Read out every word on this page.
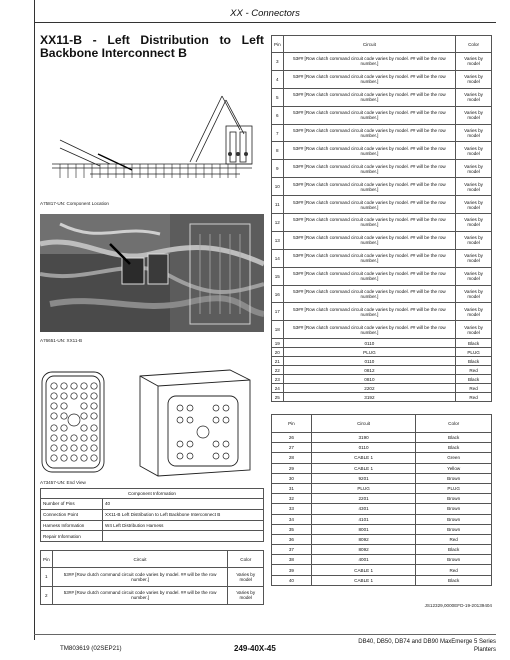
XX - Connectors
XX11-B - Left Distribution to Left
Backbone Interconnect B
A75817-UN: Component Location
A76651-UN: XX11-B
A73457-UN: End View
Component Information	
Number of Pins	40
Connection Point	XX11-B Left Distribution to Left Backbone Interconnect B
Harness Information	W4 Left Distribution Harness
Repair Information	
Pin	Circuit	Color
1	53## [Row clutch command circuit code varies by model. ## will be the row number.]	Varies by model
2	53## [Row clutch command circuit code varies by model. ## will be the row number.]	Varies by model
Pin	Circuit	Color
3	53## [Row clutch command circuit code varies by model. ## will be the row number.]	Varies by model
4	53## [Row clutch command circuit code varies by model. ## will be the row number.]	Varies by model
5	53## [Row clutch command circuit code varies by model. ## will be the row number.]	Varies by model
6	53## [Row clutch command circuit code varies by model. ## will be the row number.]	Varies by model
7	53## [Row clutch command circuit code varies by model. ## will be the row number.]	Varies by model
8	53## [Row clutch command circuit code varies by model. ## will be the row number.]	Varies by model
9	53## [Row clutch command circuit code varies by model. ## will be the row number.]	Varies by model
10	53## [Row clutch command circuit code varies by model. ## will be the row number.]	Varies by model
11	53## [Row clutch command circuit code varies by model. ## will be the row number.]	Varies by model
12	53## [Row clutch command circuit code varies by model. ## will be the row number.]	Varies by model
13	53## [Row clutch command circuit code varies by model. ## will be the row number.]	Varies by model
14	53## [Row clutch command circuit code varies by model. ## will be the row number.]	Varies by model
15	53## [Row clutch command circuit code varies by model. ## will be the row number.]	Varies by model
16	53## [Row clutch command circuit code varies by model. ## will be the row number.]	Varies by model
17	53## [Row clutch command circuit code varies by model. ## will be the row number.]	Varies by model
18	53## [Row clutch command circuit code varies by model. ## will be the row number.]	Varies by model
19	0110	Black
20	PLUG	PLUG
21	0110	Black
22	0812	Red
23	0810	Black
24	2202	Red
25	3192	Red
Pin	Circuit	Color
26	3190	Black
27	0110	Black
28	CABLE 1	Green
29	CABLE 1	Yellow
30	9201	Brown
31	PLUG	PLUG
32	2201	Brown
33	4301	Brown
34	4101	Brown
35	8001	Brown
36	8092	Red
37	8092	Black
38	4001	Brown
39	CABLE 1	Red
40	CABLE 1	Black
JS12329,0000EFD-19-20139404
TM803619 (02SEP21)	249-40X-45
DB40, DB50, DB74 and DB90 MaxEmerge 5 Series
Planters
